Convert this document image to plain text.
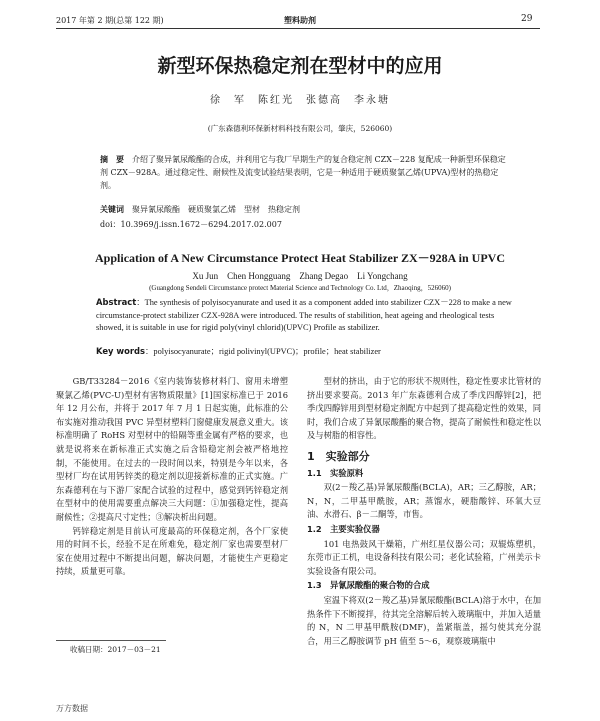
2017 年第 2 期(总第 122 期)	塑料助剂	29
新型环保热稳定剂在型材中的应用
徐　军　陈红光　张德高　李永塘
(广东森德利环保新材料科技有限公司，肇庆，526060)
摘　要　 介绍了聚异氰尿酸酯的合成，并利用它与我厂早期生产的复合稳定剂 CZX－228 复配成一种新型环保稳定剂 CZX－928A。通过稳定性、耐候性及流变试验结果表明，它是一种适用于硬质聚氯乙烯(UPVA)型材的热稳定剂。
关键词　 聚异氰尿酸酯　硬质聚氯乙烯　型材　热稳定剂
doi：10.3969/j.issn.1672－6294.2017.02.007
Application of A New Circumstance Protect Heat Stabilizer ZX－928A in UPVC
Xu Jun　Chen Hongguang　Zhang Degao　Li Yongchang
(Guangdong Sendeli Circumstance protect Material Science and Technology Co. Ltd，Zhaoqing，526060)
Abstract：The synthesis of polyisocyanurate and used it as a component added into stabilizer CZX－228 to make a new circumstance-protect stabilizer CZX-928A were introduced. The results of stabilition, heat ageing and rheological tests showed, it is suitable in use for rigid poly(vinyl chlorid)(UPVC) Profile as stabilizer.
Key words：polyisocyanurate；rigid polivinyl(UPVC)；profile；heat stabilizer

GB/T33284－2016《室内装饰装修材料门、窗用未增塑聚氯乙烯(PVC-U)型材有害物质限量》[1]国家标准已于 2016 年 12 月公布，并将于 2017 年 7 月 1 日起实施，此标准的公布实施对推动我国 PVC 异型材塑料门窗健康发展意义重大。该标准明确了 RoHS 对型材中的铅隔等重金属有严格的要求，也就是说将来在新标准正式实施之后含铅稳定剂会被严格地控制，不能使用。在过去的一段时间以来，特别是今年以来，各型材厂均在试用钙锌类的稳定剂以迎接新标准的正式实施。广东森德利在与下游厂家配合试验的过程中，感觉到钙锌稳定剂在型材中的使用需要重点解决三大问题：①加强稳定性，提高耐候性；②提高尺寸定性；③解决析出问题。

钙锌稳定剂是目前认可度最高的环保稳定剂，各个厂家使用的时间不长，经验不足在所难免，稳定剂厂家也需要型材厂家在使用过程中不断提出问题，解决问题，才能使生产更稳定持续，质量更可靠。

收稿日期：2017－03－21

型材的挤出，由于它的形状不规则性，稳定性要求比管材的挤出要求要高。2013 年广东森德利合成了季戊四醇锌[2]，把季戊四醇锌用到型材稳定剂配方中起到了提高稳定性的效果，同时，我们合成了异氰尿酸酯的聚合物，提高了耐候性和稳定性以及与树脂的相容性。

1　实验部分
1.1　实验原料

双(2－羧乙基)异氰尿酸酯(BCLA)，AR；三乙醇胺，AR；N，N，二甲基甲酰胺，AR；蒸馏水，硬脂酸锌、环氧大豆油、水滑石、β－二酮等，市售。

1.2　主要实验仪器

101 电热鼓风干燥箱，广州红星仪器公司；双辊炼塑机，东莞市正工机，电设备科技有限公司；老化试验箱，广州美示卡实验设备有限公司。

1.3　异氰尿酸酯的聚合物的合成

室温下将双(2－羧乙基)异氰尿酸酯(BCLA)溶于水中，在加热条件下不断搅拌，待其完全溶解后转入玻璃瓶中，并加入适量的 N，N 二甲基甲酰胺(DMF)，盖紧瓶盖，摇匀使其充分混合，用三乙醇胺调节 pH 值至 5～6，观察玻璃瓶中

万方数据
